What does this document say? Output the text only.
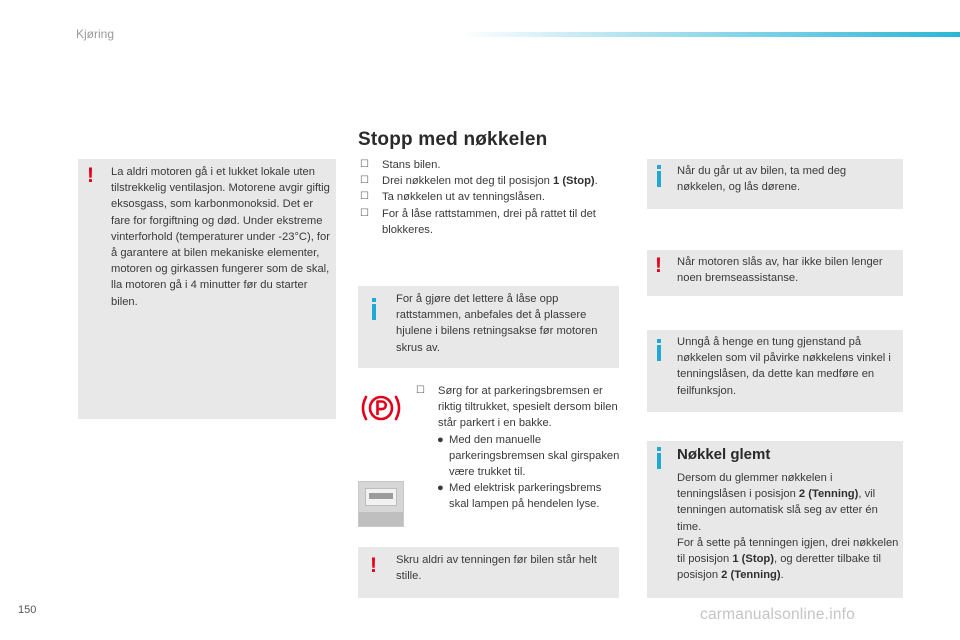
Kjøring
Stopp med nøkkelen
! La aldri motoren gå i et lukket lokale uten tilstrekkelig ventilasjon. Motorene avgir giftig eksosgass, som karbonmonoksid. Det er fare for forgiftning og død. Under ekstreme vinterforhold (temperaturer under -23°C), for å garantere at bilen mekaniske elementer, motoren og girkassen fungerer som de skal, lla motoren gå i 4 minutter før du starter bilen.

☐ Stans bilen.
☐ Drei nøkkelen mot deg til posisjon 1 (Stop).
☐ Ta nøkkelen ut av tenningslåsen.
☐ For å låse rattstammen, drei på rattet til det blokkeres.

For å gjøre det lettere å låse opp rattstammen, anbefales det å plassere hjulene i bilens retningsakse før motoren skrus av.

☐ Sørg for at parkeringsbremsen er riktig tiltrukket, spesielt dersom bilen står parkert i en bakke.
● Med den manuelle parkeringsbremsen skal girspaken være trukket til.
● Med elektrisk parkeringsbrems skal lampen på hendelen lyse.
! Skru aldri av tenningen før bilen står helt stille.

Når du går ut av bilen, ta med deg nøkkelen, og lås dørene.

! Når motoren slås av, har ikke bilen lenger noen bremseassistanse.

Unngå å henge en tung gjenstand på nøkkelen som vil påvirke nøkkelens vinkel i tenningslåsen, da dette kan medføre en feilfunksjon.

Nøkkel glemt

Dersom du glemmer nøkkelen i tenningslåsen i posisjon 2 (Tenning), vil tenningen automatisk slå seg av etter én time.

For å sette på tenningen igjen, drei nøkkelen til posisjon 1 (Stop), og deretter tilbake til posisjon 2 (Tenning).

150	carmanualsonline.info
